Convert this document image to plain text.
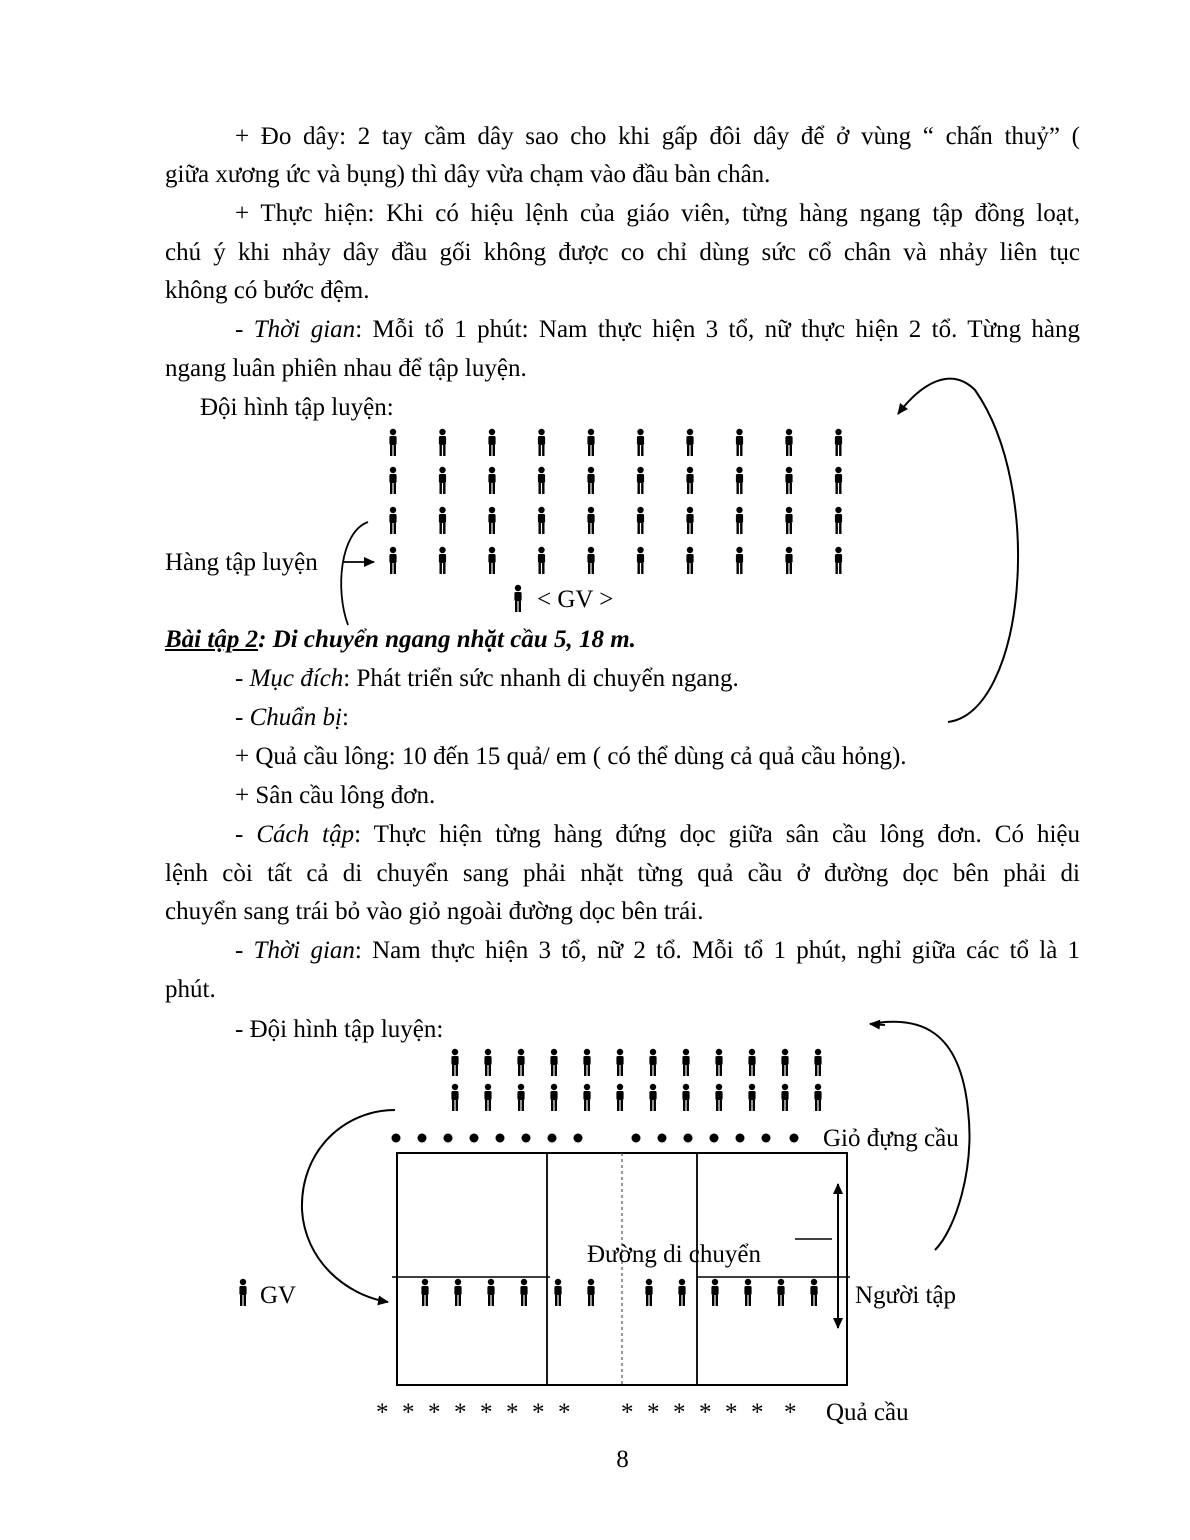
+ Đo dây: 2 tay cầm dây sao cho khi gấp đôi dây để ở vùng “ chấn thuỷ” (

giữa xương ức và bụng) thì dây vừa chạm vào đầu bàn chân.

+ Thực hiện: Khi có hiệu lệnh của giáo viên, từng hàng ngang tập đồng loạt,

chú ý khi nhảy dây đầu gối không được co chỉ dùng sức cổ chân và nhảy liên tục

không có bước đệm.

- Thời gian: Mỗi tổ 1 phút: Nam thực hiện 3 tổ, nữ thực hiện 2 tổ. Từng hàng

ngang luân phiên nhau để tập luyện.

Đội hình tập luyện:

Bài tập 2: Di chuyển ngang nhặt cầu 5, 18 m.

- Mục đích: Phát triển sức nhanh di chuyển ngang.

- Chuẩn bị:

+ Quả cầu lông: 10 đến 15 quả/ em ( có thể dùng cả quả cầu hỏng).

+ Sân cầu lông đơn.

- Cách tập: Thực hiện từng hàng đứng dọc giữa sân cầu lông đơn. Có hiệu

lệnh còi tất cả di chuyển sang phải nhặt từng quả cầu ở đường dọc bên phải di

chuyển sang trái bỏ vào giỏ ngoài đường dọc bên trái.

- Thời gian: Nam thực hiện 3 tổ, nữ 2 tổ. Mỗi tổ 1 phút, nghỉ giữa các tổ là 1

phút.

- Đội hình tập luyện:

Hàng tập luyện
< GV >
Giỏ đựng cầu
Đường di chuyển
GV	Người tập
* * * * * * * * * * * * * * * Quả cầu

8
